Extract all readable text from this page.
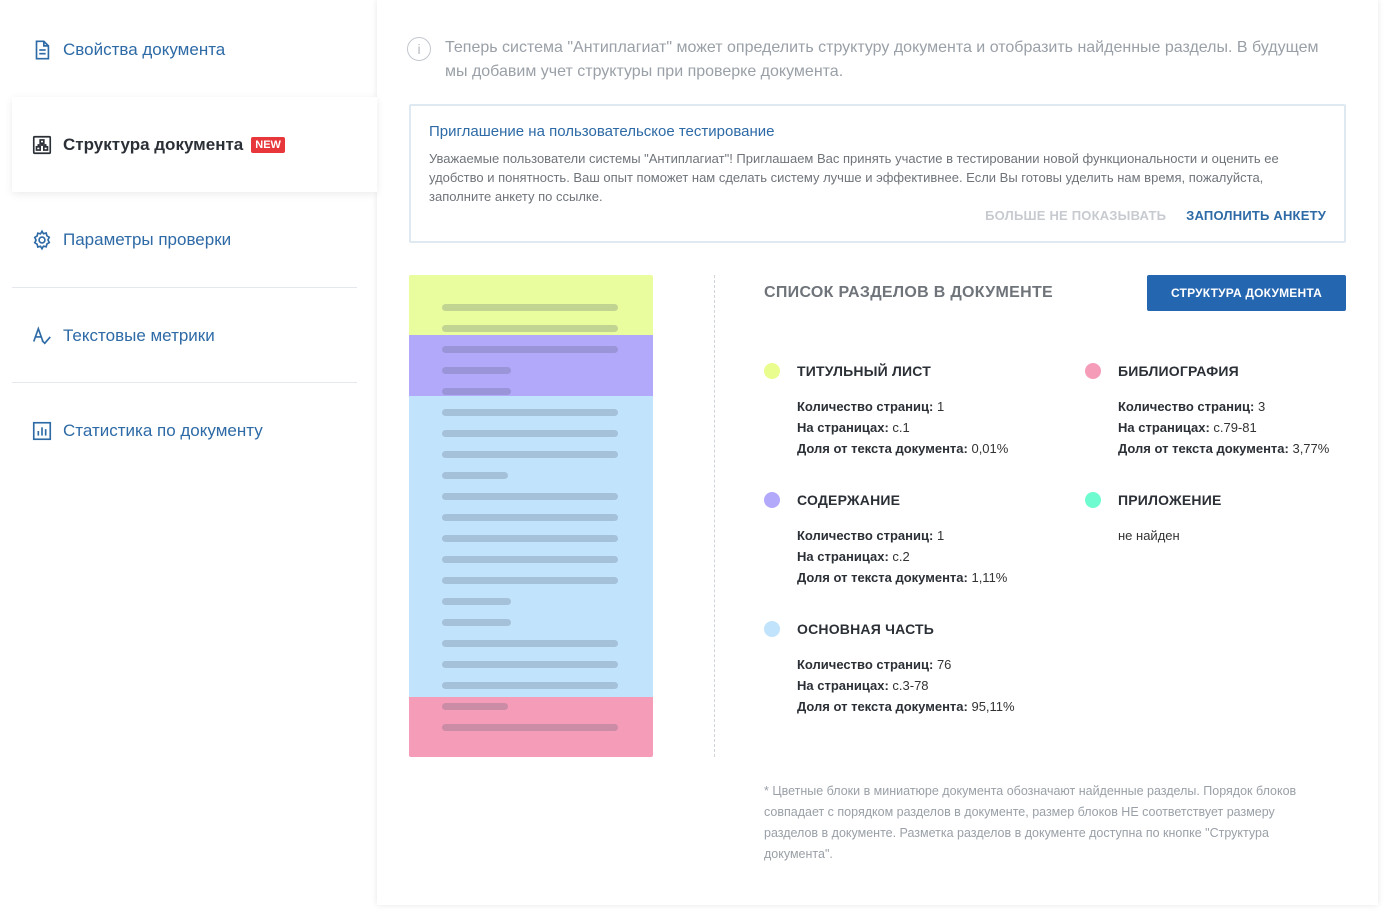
Свойства документа
Структура документа	NEW
Параметры проверки
Текстовые метрики
Статистика по документу
i	Теперь система "Антиплагиат" может определить структуру документа и отобразить найденные разделы. В будущем мы добавим учет структуры при проверке документа.
Приглашение на пользовательское тестирование
Уважаемые пользователи системы "Антиплагиат"! Приглашаем Вас принять участие в тестировании новой функциональности и оценить ее удобство и понятность. Ваш опыт поможет нам сделать систему лучше и эффективнее. Если Вы готовы уделить нам время, пожалуйста, заполните анкету по ссылке.
БОЛЬШЕ НЕ ПОКАЗЫВАТЬ ЗАПОЛНИТЬ АНКЕТУ
СПИСОК РАЗДЕЛОВ В ДОКУМЕНТЕ	СТРУКТУРА ДОКУМЕНТА
ТИТУЛЬНЫЙ ЛИСТ
Количество страниц: 1
На страницах: с.1
Доля от текста документа: 0,01%
СОДЕРЖАНИЕ
Количество страниц: 1
На страницах: с.2
Доля от текста документа: 1,11%
ОСНОВНАЯ ЧАСТЬ
Количество страниц: 76
На страницах: с.3-78
Доля от текста документа: 95,11%
БИБЛИОГРАФИЯ
Количество страниц: 3
На страницах: с.79-81
Доля от текста документа: 3,77%
ПРИЛОЖЕНИЕ
не найден
* Цветные блоки в миниатюре документа обозначают найденные разделы. Порядок блоков совпадает с порядком разделов в документе, размер блоков НЕ соответствует размеру разделов в документе. Разметка разделов в документе доступна по кнопке "Структура документа".
